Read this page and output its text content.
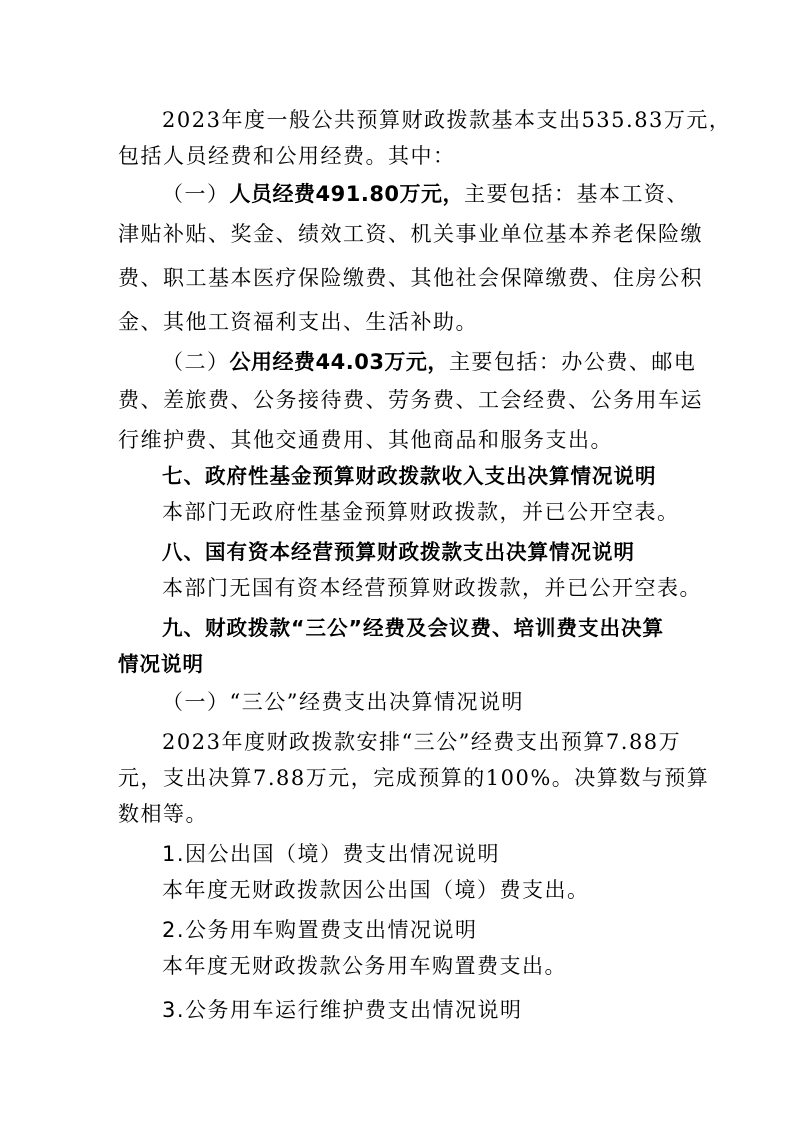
2023年度一般公共预算财政拨款基本支出535.83万元，
包括人员经费和公用经费。其中：
（一）人员经费491.80万元，主要包括：基本工资、
津贴补贴、奖金、绩效工资、机关事业单位基本养老保险缴
费、职工基本医疗保险缴费、其他社会保障缴费、住房公积
金、其他工资福利支出、生活补助。
（二）公用经费44.03万元，主要包括：办公费、邮电
费、差旅费、公务接待费、劳务费、工会经费、公务用车运
行维护费、其他交通费用、其他商品和服务支出。
七、政府性基金预算财政拨款收入支出决算情况说明
本部门无政府性基金预算财政拨款，并已公开空表。
八、国有资本经营预算财政拨款支出决算情况说明
本部门无国有资本经营预算财政拨款，并已公开空表。
九、财政拨款“三公”经费及会议费、培训费支出决算
情况说明
（一）“三公”经费支出决算情况说明
2023年度财政拨款安排“三公”经费支出预算7.88万
元，支出决算7.88万元，完成预算的100%。决算数与预算
数相等。
1.因公出国（境）费支出情况说明
本年度无财政拨款因公出国（境）费支出。
2.公务用车购置费支出情况说明
本年度无财政拨款公务用车购置费支出。
3.公务用车运行维护费支出情况说明
